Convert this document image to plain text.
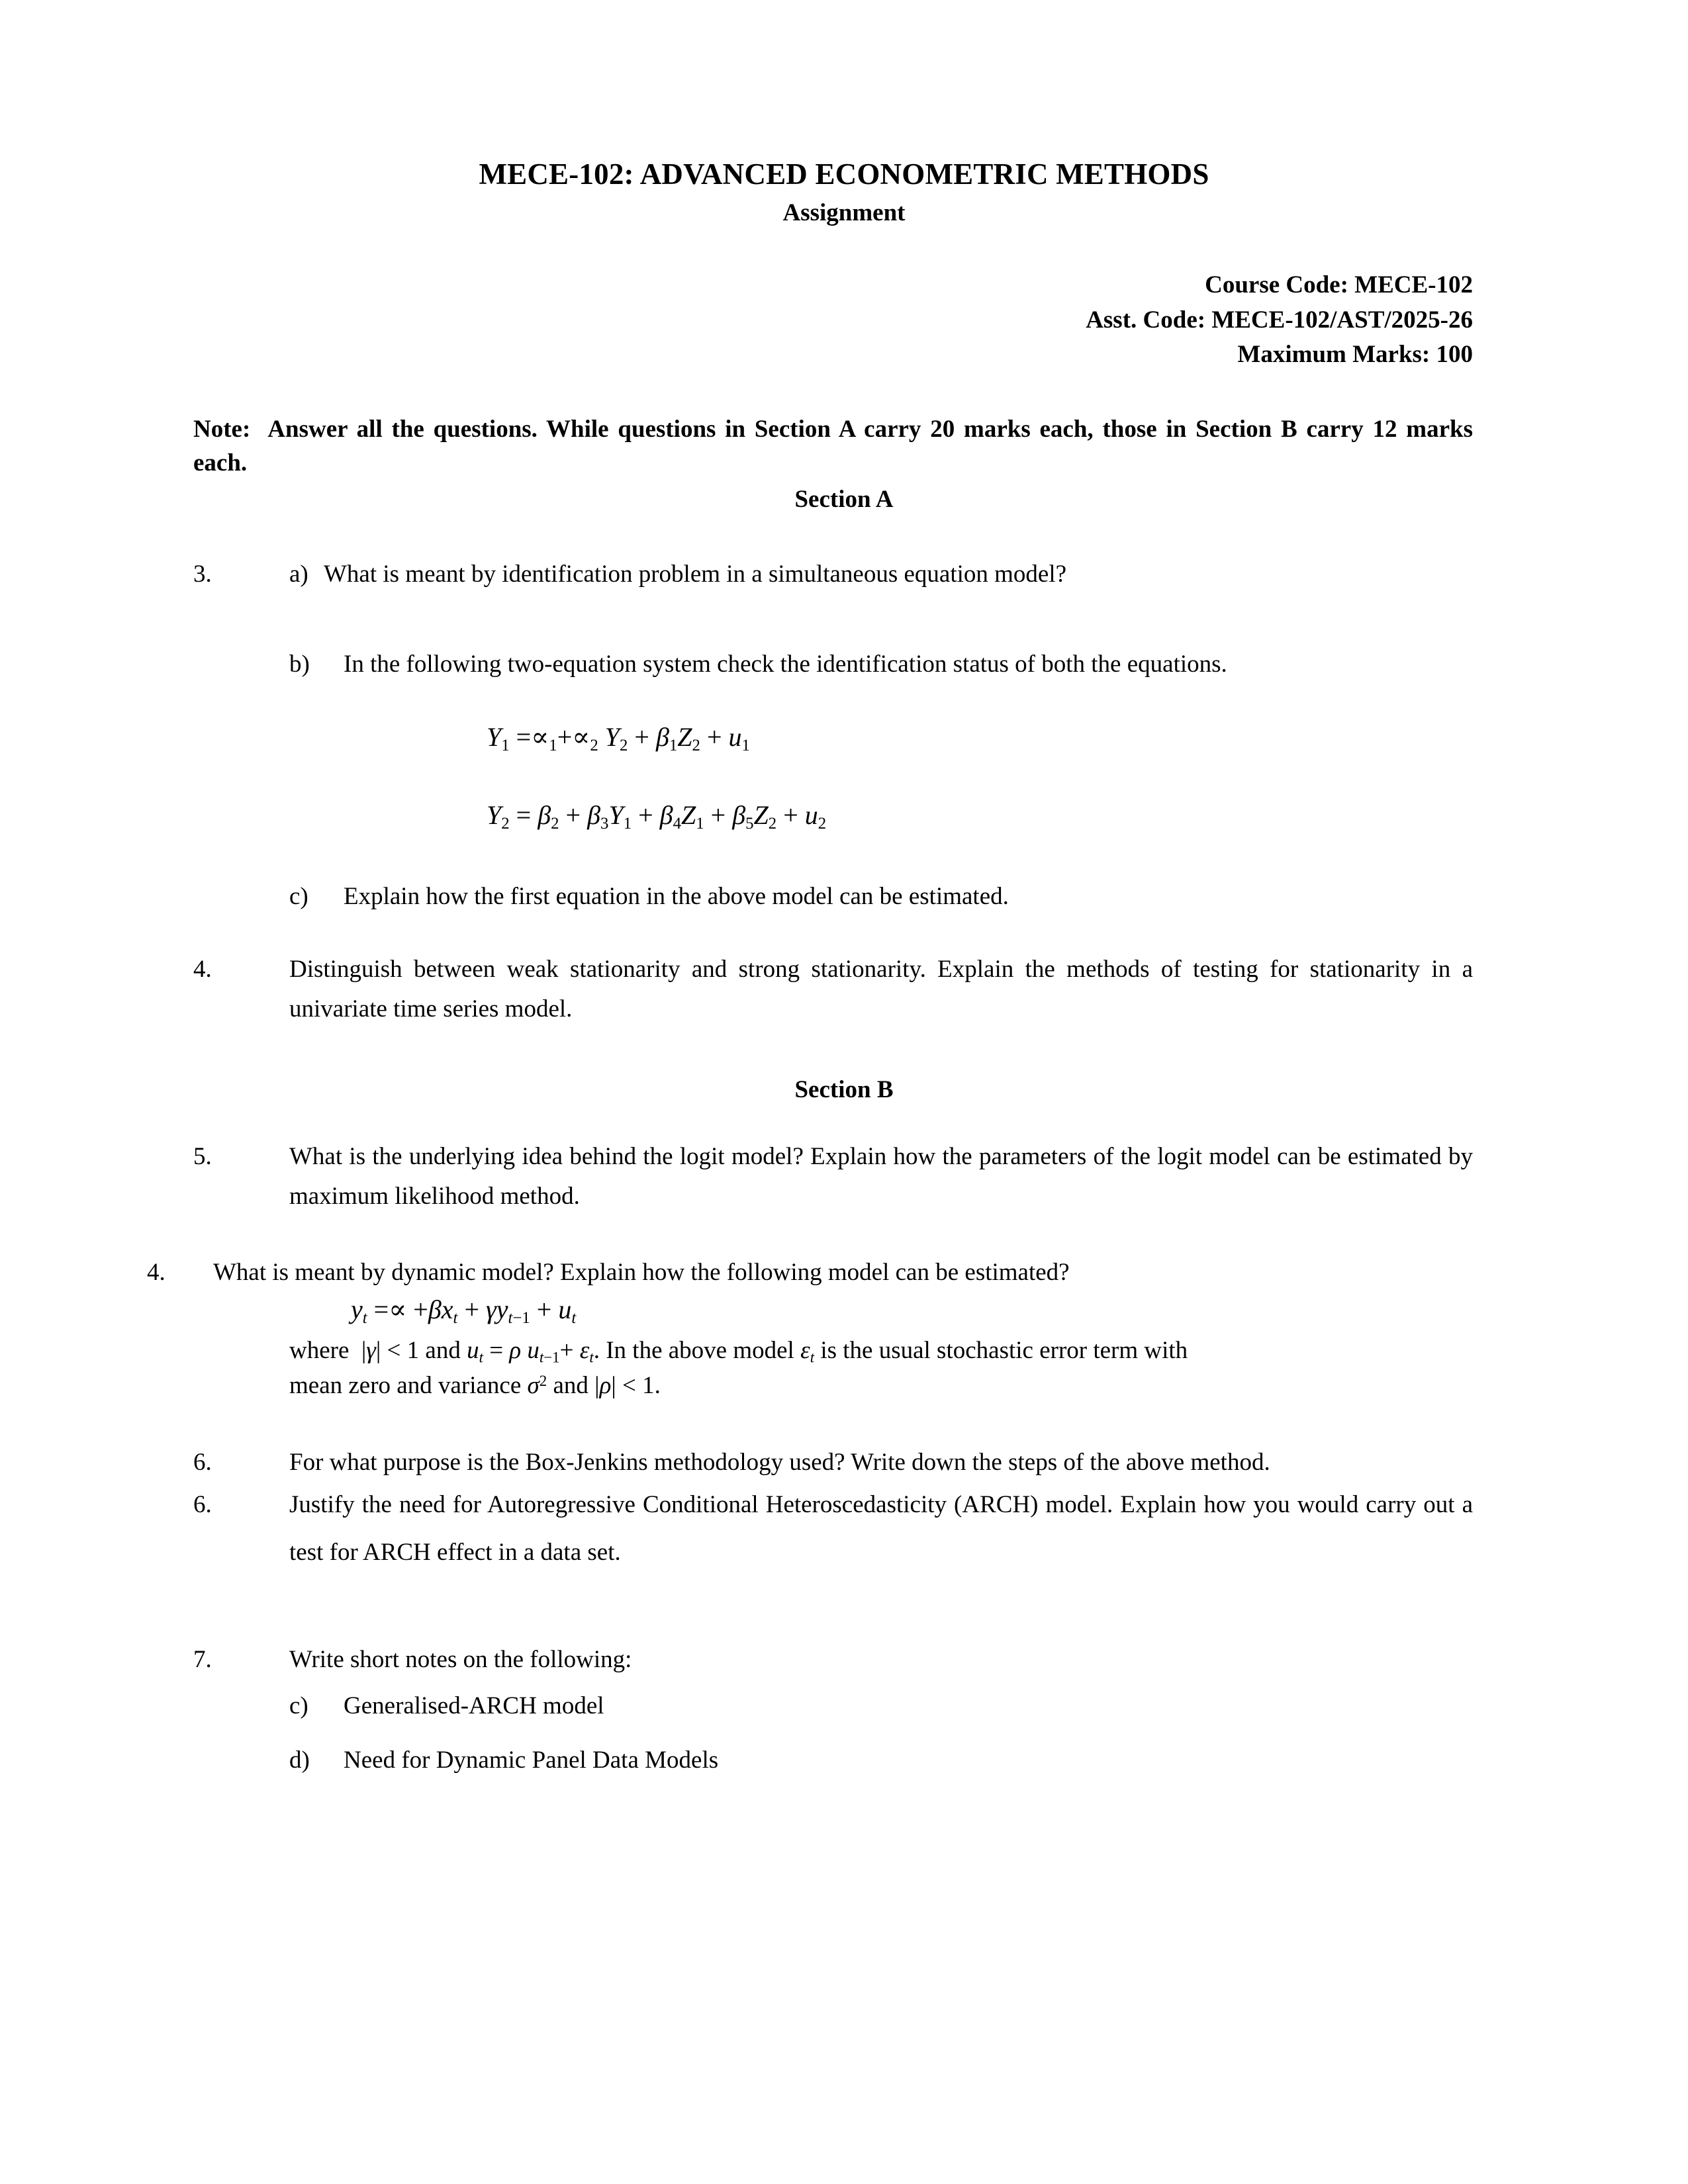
MECE-102: ADVANCED ECONOMETRIC METHODS
Assignment
Course Code: MECE-102
Asst. Code: MECE-102/AST/2025-26
Maximum Marks: 100
Note: Answer all the questions. While questions in Section A carry 20 marks each, those in Section B carry 12 marks each.
Section A
3.	a) What is meant by identification problem in a simultaneous equation model?
b)	In the following two-equation system check the identification status of both the equations.
$Y_1 =\propto_1+\propto_2$ $Y_2 + \beta_1Z_2 + u_1$
$Y_2 = \beta_2 + \beta_3Y_1 + \beta_4Z_1 + \beta_5Z_2 + u_2$
c)	Explain how the first equation in the above model can be estimated.
4.	Distinguish between weak stationarity and strong stationarity. Explain the methods of testing for stationarity in a univariate time series model.
Section B
5.	What is the underlying idea behind the logit model? Explain how the parameters of the logit model can be estimated by maximum likelihood method.
4.	What is meant by dynamic model? Explain how the following model can be estimated?
$y_t =\propto +\beta x_t + \gamma y_{t-1} + u_t$
where  |γ| < 1 and $u_t = \rho$ $u_{t-1}+ \varepsilon_t$. In the above model $\varepsilon_t$ is the usual stochastic error term with
mean zero and variance $\sigma^2$ and |ρ| < 1.
6.	For what purpose is the Box-Jenkins methodology used? Write down the steps of the above method.
6.	Justify the need for Autoregressive Conditional Heteroscedasticity (ARCH) model. Explain how you would carry out a test for ARCH effect in a data set.
7.	Write short notes on the following:
c)	Generalised-ARCH model
d)	Need for Dynamic Panel Data Models
